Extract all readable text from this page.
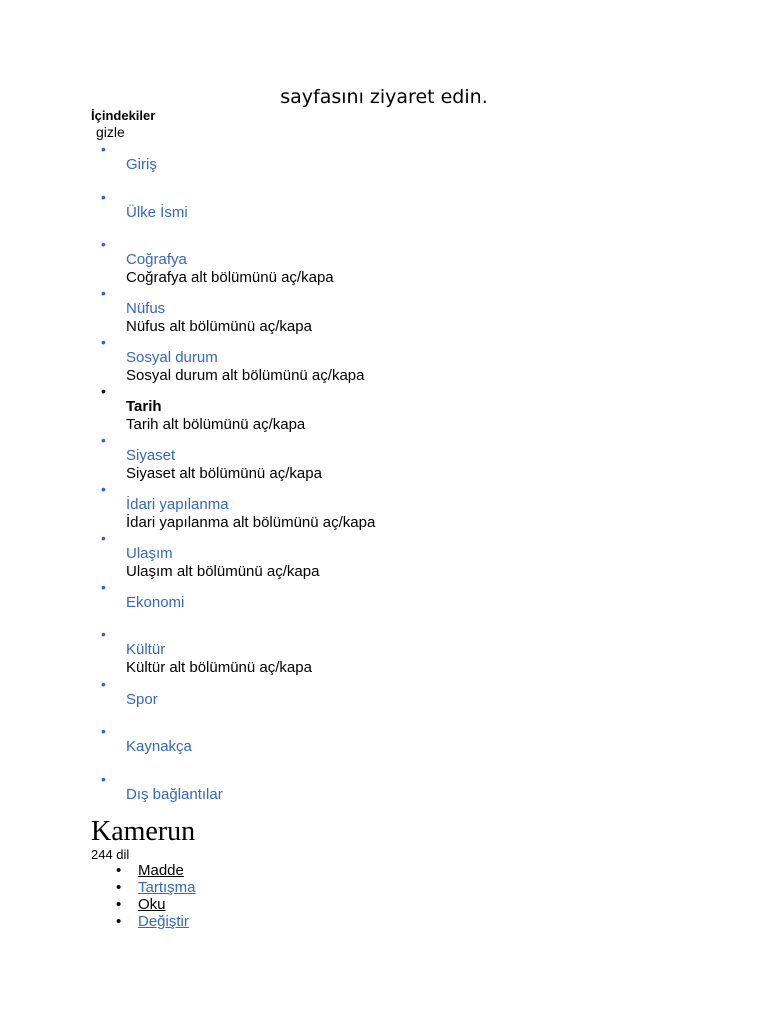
sayfasını ziyaret edin.
İçindekiler
gizle
•
Giriş
•
Ülke İsmi
•
Coğrafya
Coğrafya alt bölümünü aç/kapa
•
Nüfus
Nüfus alt bölümünü aç/kapa
•
Sosyal durum
Sosyal durum alt bölümünü aç/kapa
•
Tarih
Tarih alt bölümünü aç/kapa
•
Siyaset
Siyaset alt bölümünü aç/kapa
•
İdari yapılanma
İdari yapılanma alt bölümünü aç/kapa
•
Ulaşım
Ulaşım alt bölümünü aç/kapa
•
Ekonomi
•
Kültür
Kültür alt bölümünü aç/kapa
•
Spor
•
Kaynakça
•
Dış bağlantılar
Kamerun
244 dil
• Madde
• Tartışma
• Oku
• Değiştir
